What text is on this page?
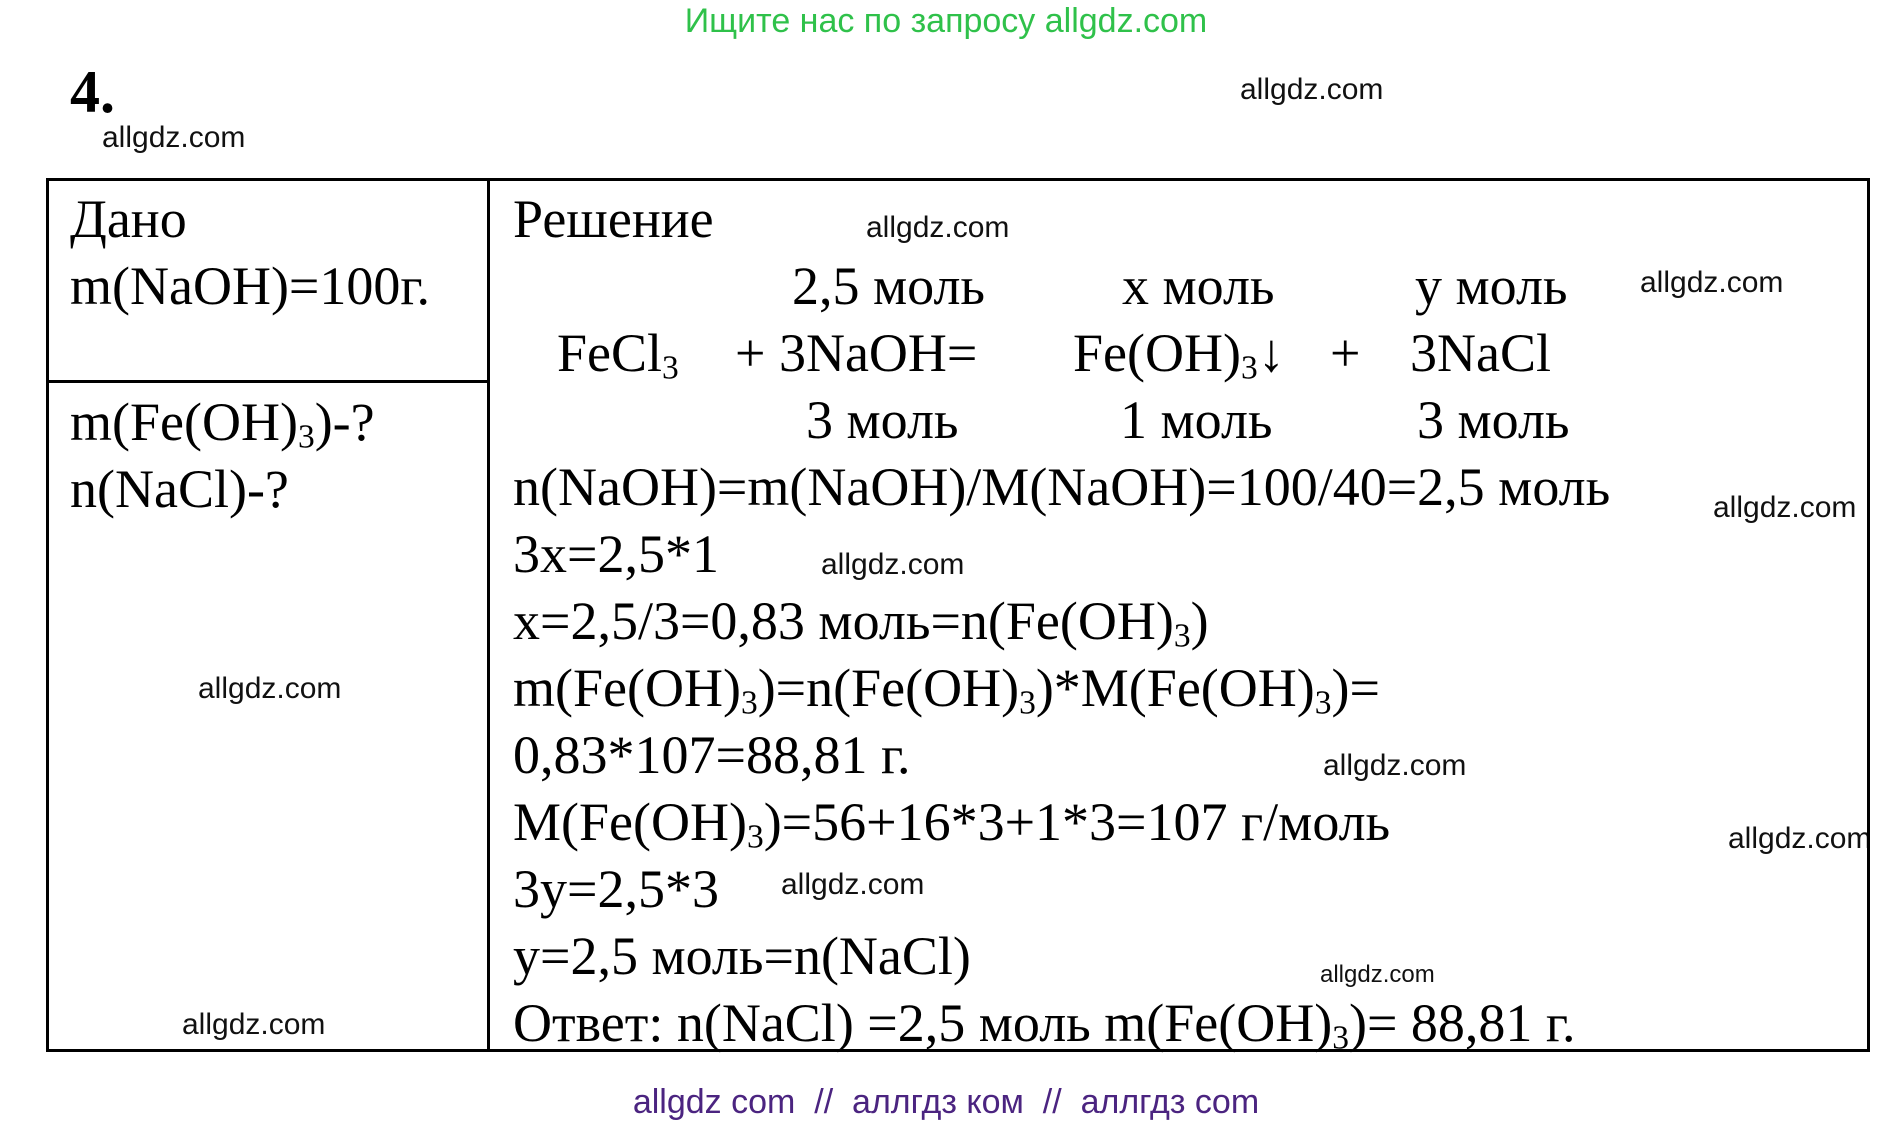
Ищите нас по запросу allgdz.com
4.	allgdz.com
allgdz.com
allgdz.com
allgdz.com
allgdz.com
allgdz.com
allgdz.com
allgdz.com
allgdz.com
allgdz.com
allgdz.com
allgdz.com
Дано
m(NaOH)=100г.
$m(Fe(OH)_3)-$?
n(NaCl)-?
Решение
2,5 моль	х моль	у моль
FeCl$_3$ + 3NaOH= $Fe(OH)_3↓$ + 3NaCl
3 моль	1 моль	3 моль
n(NaOH)=m(NaOH)/M(NaOH)=100/40=2,5 моль
3х=2,5*1
х=2,5/3=0,83 $моль=n(Fe(OH)_3)$
$m(Fe(OH)_3)=n(Fe(OH)_3)*M(Fe(OH)_3)=$
0,83*107=88,81 г.
$M(Fe(OH)_3)=56+16*3+1*3=107$ г/моль
3у=2,5*3
у=2,5 моль=n(NaCl)
Ответ: n(NaCl) =2,5 моль $m(Fe(OH)_3)= 88,81$ г.
allgdz com  //  аллгдз ком  //  аллгдз com
